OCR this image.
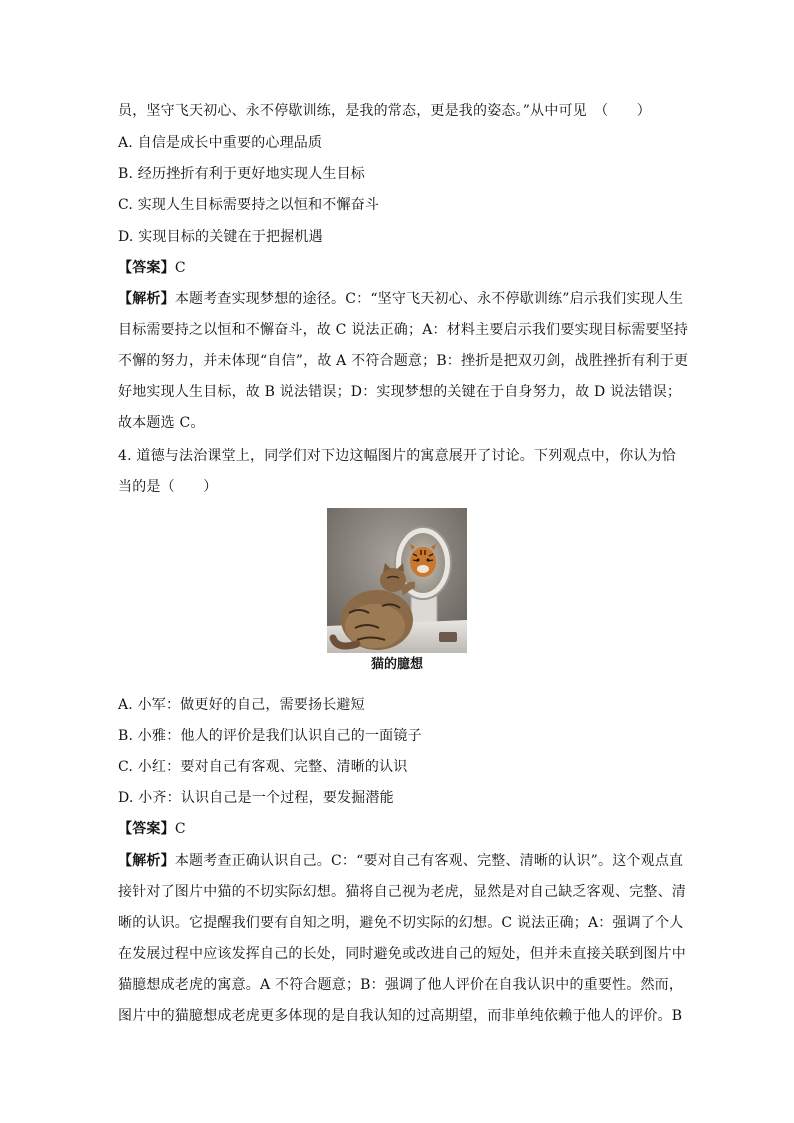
员，坚守飞天初心、永不停歇训练，是我的常态，更是我的姿态。”从中可见　（　　）
A. 自信是成长中重要的心理品质
B. 经历挫折有利于更好地实现人生目标
C. 实现人生目标需要持之以恒和不懈奋斗
D. 实现目标的关键在于把握机遇
【答案】C
【解析】本题考查实现梦想的途径。C：“坚守飞天初心、永不停歇训练”启示我们实现人生
目标需要持之以恒和不懈奋斗，故 C 说法正确；A：材料主要启示我们要实现目标需要坚持
不懈的努力，并未体现“自信”，故 A 不符合题意；B：挫折是把双刃剑，战胜挫折有利于更
好地实现人生目标，故 B 说法错误；D：实现梦想的关键在于自身努力，故 D 说法错误；
故本题选 C。
4. 道德与法治课堂上，同学们对下边这幅图片的寓意展开了讨论。下列观点中，你认为恰
当的是（　　）
猫的臆想
A. 小军：做更好的自己，需要扬长避短
B. 小雅：他人的评价是我们认识自己的一面镜子
C. 小红：要对自己有客观、完整、清晰的认识
D. 小齐：认识自己是一个过程，要发掘潜能
【答案】C
【解析】本题考查正确认识自己。C：“要对自己有客观、完整、清晰的认识”。这个观点直
接针对了图片中猫的不切实际幻想。猫将自己视为老虎，显然是对自己缺乏客观、完整、清
晰的认识。它提醒我们要有自知之明，避免不切实际的幻想。C 说法正确；A：强调了个人
在发展过程中应该发挥自己的长处，同时避免或改进自己的短处，但并未直接关联到图片中
猫臆想成老虎的寓意。A 不符合题意；B：强调了他人评价在自我认识中的重要性。然而，
图片中的猫臆想成老虎更多体现的是自我认知的过高期望，而非单纯依赖于他人的评价。B
